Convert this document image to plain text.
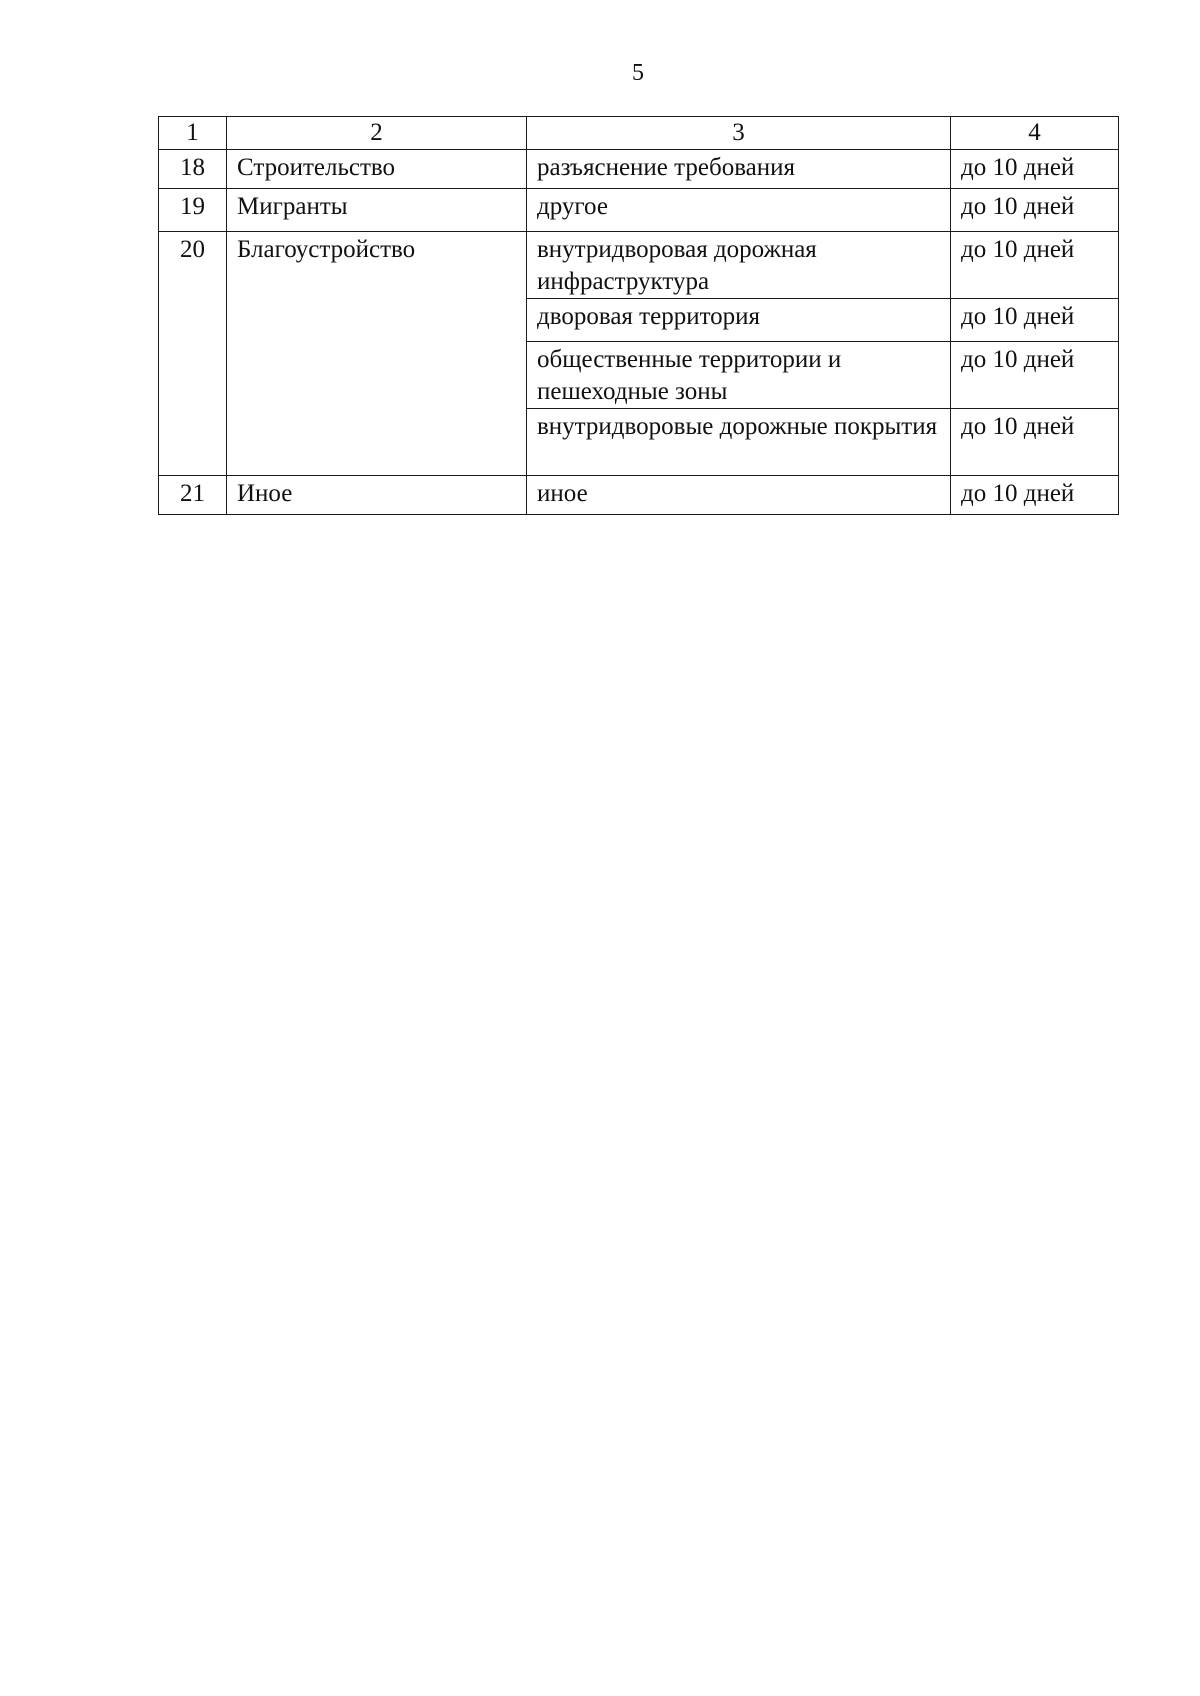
5
1	2	3	4
18	Строительство	разъяснение требования	до 10 дней
19	Мигранты	другое	до 10 дней
20	Благоустройство	внутридворовая дорожная инфраструктура	до 10 дней
		дворовая территория	до 10 дней
		общественные территории и пешеходные зоны	до 10 дней
		внутридворовые дорожные покрытия	до 10 дней
21	Иное	иное	до 10 дней
